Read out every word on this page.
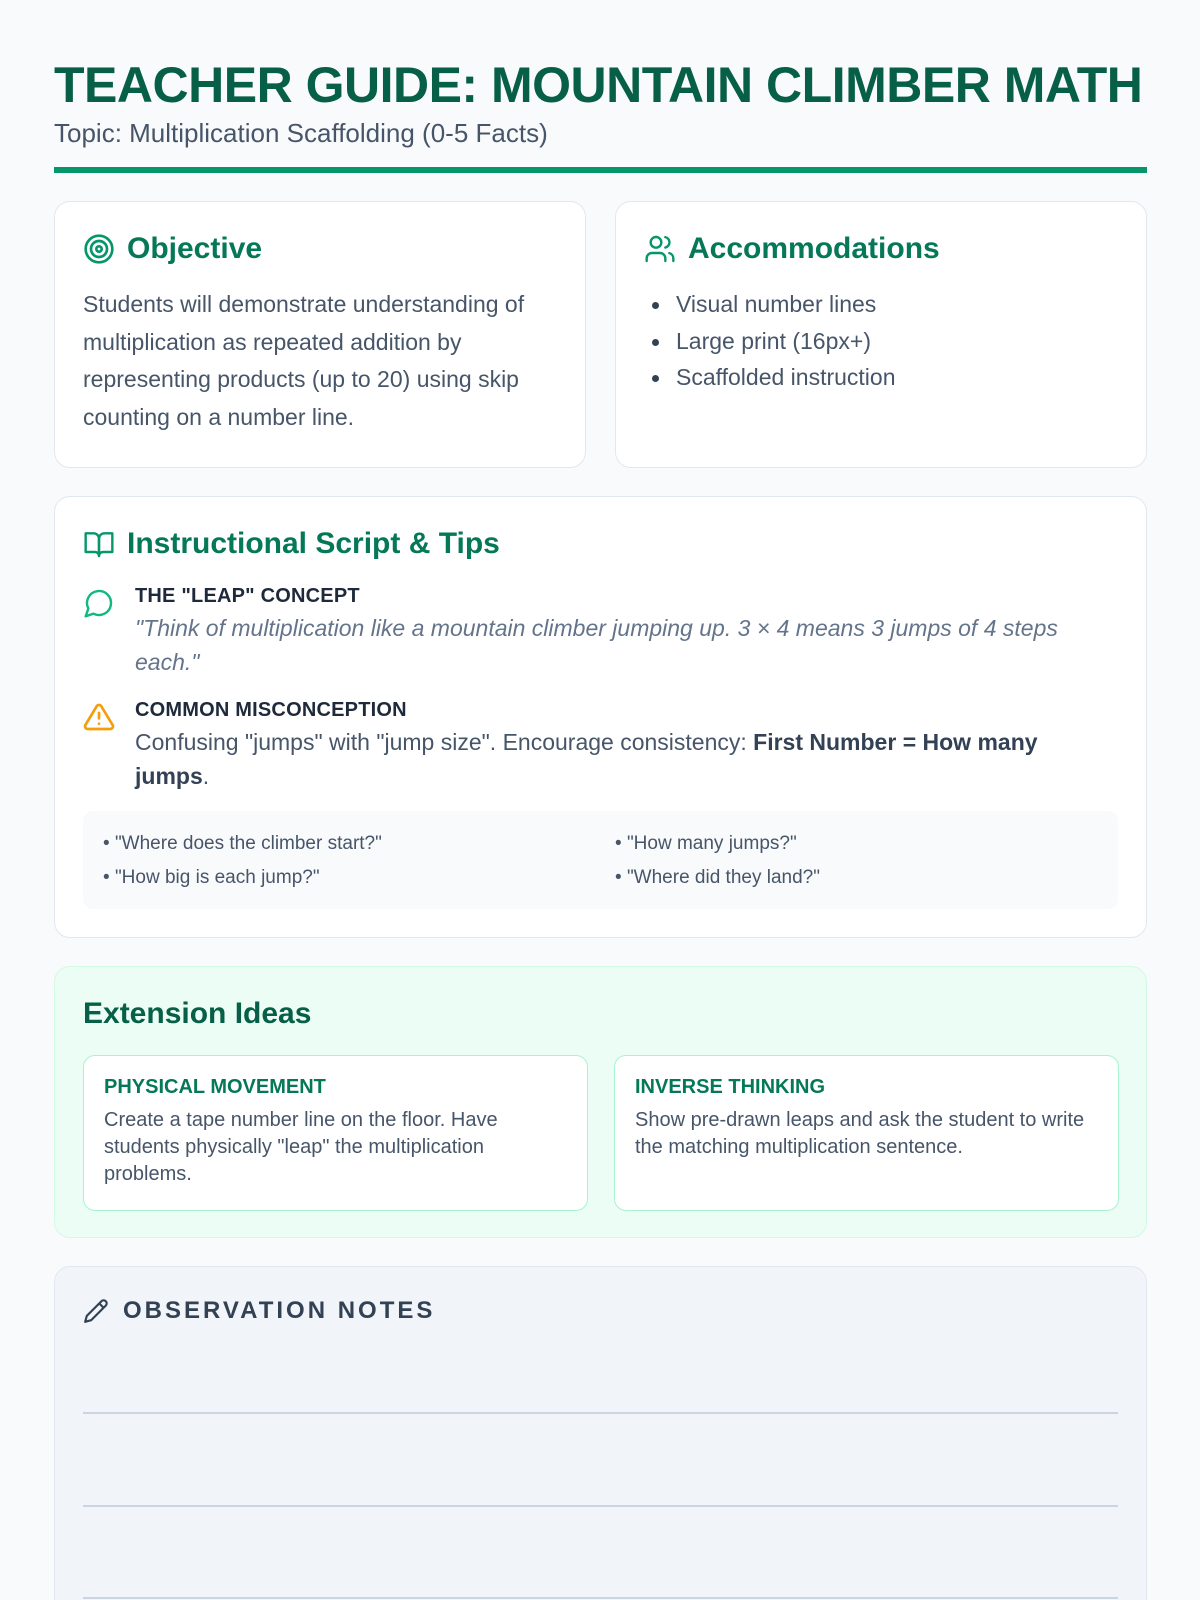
TEACHER GUIDE: MOUNTAIN CLIMBER MATH
Topic: Multiplication Scaffolding (0-5 Facts)
Objective

Students will demonstrate understanding of multiplication as repeated addition by representing products (up to 20) using skip counting on a number line.

Accommodations
Visual number lines
Large print (16px+)
Scaffolded instruction
Instructional Script & Tips
THE "LEAP" CONCEPT
"Think of multiplication like a mountain climber jumping up. 3 × 4 means 3 jumps of 4 steps each."
COMMON MISCONCEPTION
Confusing "jumps" with "jump size". Encourage consistency: First Number = How many jumps.
• "Where does the climber start?"	• "How many jumps?"
• "How big is each jump?"	• "Where did they land?"
Extension Ideas
PHYSICAL MOVEMENT
Create a tape number line on the floor. Have students physically "leap" the multiplication problems.
INVERSE THINKING
Show pre-drawn leaps and ask the student to write the matching multiplication sentence.
OBSERVATION NOTES
